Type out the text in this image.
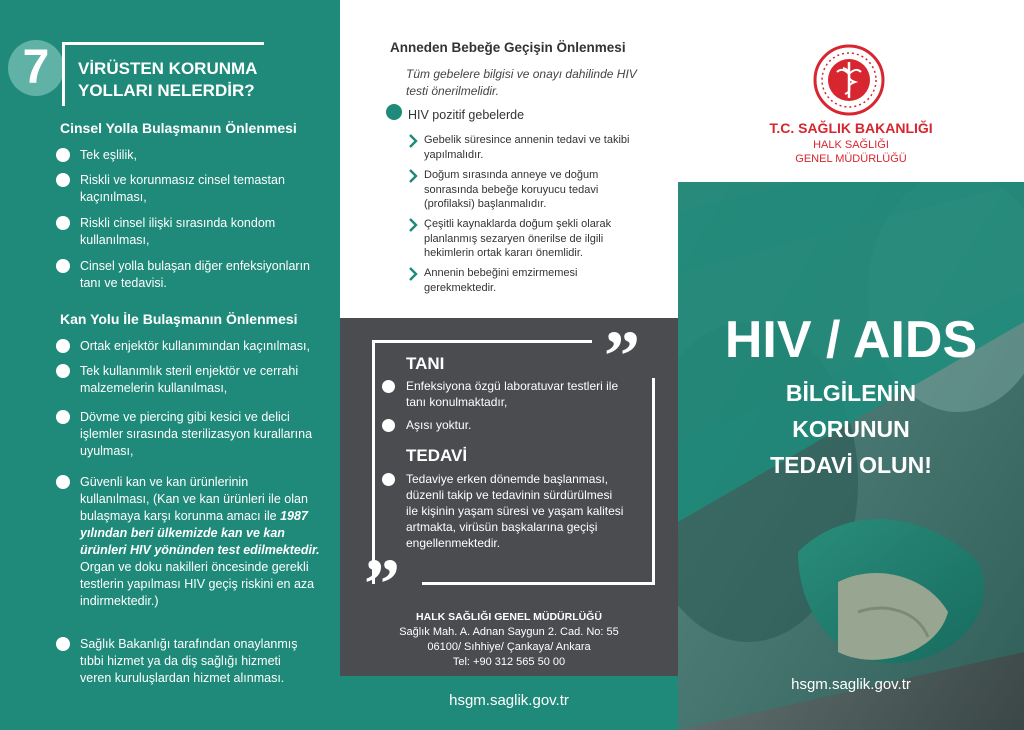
7	VİRÜSTEN KORUNMA
YOLLARI NELERDİR?
Cinsel Yolla Bulaşmanın Önlenmesi
Tek eşlilik,
Riskli ve korunmasız cinsel temastan
kaçınılması,
Riskli cinsel ilişki sırasında kondom
kullanılması,
Cinsel yolla bulaşan diğer enfeksiyonların
tanı ve tedavisi.
Kan Yolu İle Bulaşmanın Önlenmesi
Ortak enjektör kullanımından kaçınılması,
Tek kullanımlık steril enjektör ve cerrahi
malzemelerin kullanılması,
Dövme ve piercing gibi kesici ve delici
işlemler sırasında sterilizasyon kurallarına
uyulması,
Güvenli kan ve kan ürünlerinin
kullanılması, (Kan ve kan ürünleri ile olan
bulaşmaya karşı korunma amacı ile 1987
yılından beri ülkemizde kan ve kan
ürünleri HIV yönünden test edilmektedir.
Organ ve doku nakilleri öncesinde gerekli
testlerin yapılması HIV geçiş riskini en aza
indirmektedir.)
Sağlık Bakanlığı tarafından onaylanmış
tıbbi hizmet ya da diş sağlığı hizmeti
veren kuruluşlardan hizmet alınması.
Anneden Bebeğe Geçişin Önlenmesi
Tüm gebelere bilgisi ve onayı dahilinde HIV
testi önerilmelidir.
HIV pozitif gebelerde
Gebelik süresince annenin tedavi ve takibi
yapılmalıdır.
Doğum sırasında anneye ve doğum
sonrasında bebeğe koruyucu tedavi
(profilaksi) başlanmalıdır.
Çeşitli kaynaklarda doğum şekli olarak
planlanmış sezaryen önerilse de ilgili
hekimlerin ortak kararı önemlidir.
Annenin bebeğini emzirmemesi
gerekmektedir.
”
”
TANI
Enfeksiyona özgü laboratuvar testleri ile
tanı konulmaktadır,
Aşısı yoktur.
TEDAVİ
Tedaviye erken dönemde başlanması,
düzenli takip ve tedavinin sürdürülmesi
ile kişinin yaşam süresi ve yaşam kalitesi
artmakta, virüsün başkalarına geçişi
engellenmektedir.
HALK SAĞLIĞI GENEL MÜDÜRLÜĞÜ
Sağlık Mah. A. Adnan Saygun 2. Cad. No: 55
06100/ Sıhhiye/ Çankaya/ Ankara
Tel: +90 312 565 50 00
hsgm.saglik.gov.tr
T.C. SAĞLIK BAKANLIĞI
HALK SAĞLIĞI
GENEL MÜDÜRLÜĞÜ
HIV / AIDS
BİLGİLENİN
KORUNUN
TEDAVİ OLUN!
hsgm.saglik.gov.tr
